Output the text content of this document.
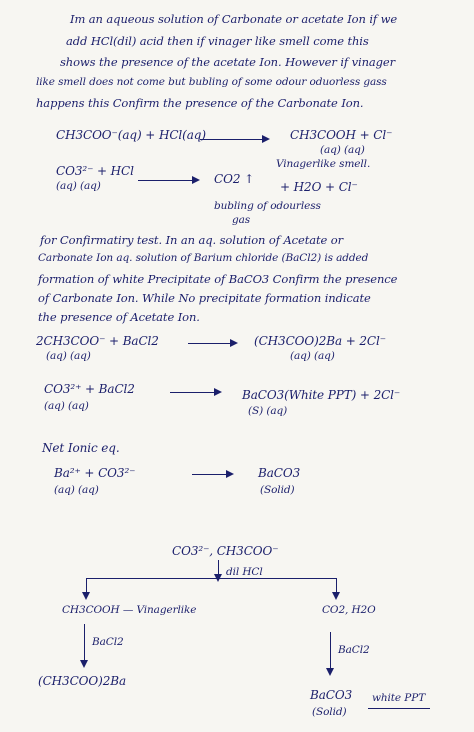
Im an aqueous solution of Carbonate or acetate Ion if we
add HCl(dil) acid then if vinager like smell come this
shows the presence of the acetate Ion. However if vinager
like smell does not come but bubling of some odour oduorless gass
happens this Confirm the presence of the Carbonate Ion.
CH3COO⁻(aq) + HCl(aq)	CH3COOH + Cl⁻
(aq) (aq)
Vinagerlike smell.
CO3²⁻ + HCl
(aq) (aq)	CO2 ↑
+ H2O + Cl⁻
bubling of odourless
gas
for Confirmatiry test. In an aq. solution of Acetate or
Carbonate Ion aq. solution of Barium chloride (BaCl2) is added
formation of white Precipitate of BaCO3 Confirm the presence
of Carbonate Ion. While No precipitate formation indicate
the presence of Acetate Ion.
2CH3COO⁻ + BaCl2
(aq) (aq)
(CH3COO)2Ba + 2Cl⁻
(aq) (aq)
CO3²⁺ + BaCl2
(aq) (aq)
BaCO3(White PPT) + 2Cl⁻
(S) (aq)
Net Ionic eq.
Ba²⁺ + CO3²⁻
(aq) (aq)
BaCO3
(Solid)
CO3²⁻, CH3COO⁻
dil HCl
CH3COOH — Vinagerlike	CO2, H2O
BaCl2
BaCl2
(CH3COO)2Ba
BaCO3
(Solid)
white PPT
